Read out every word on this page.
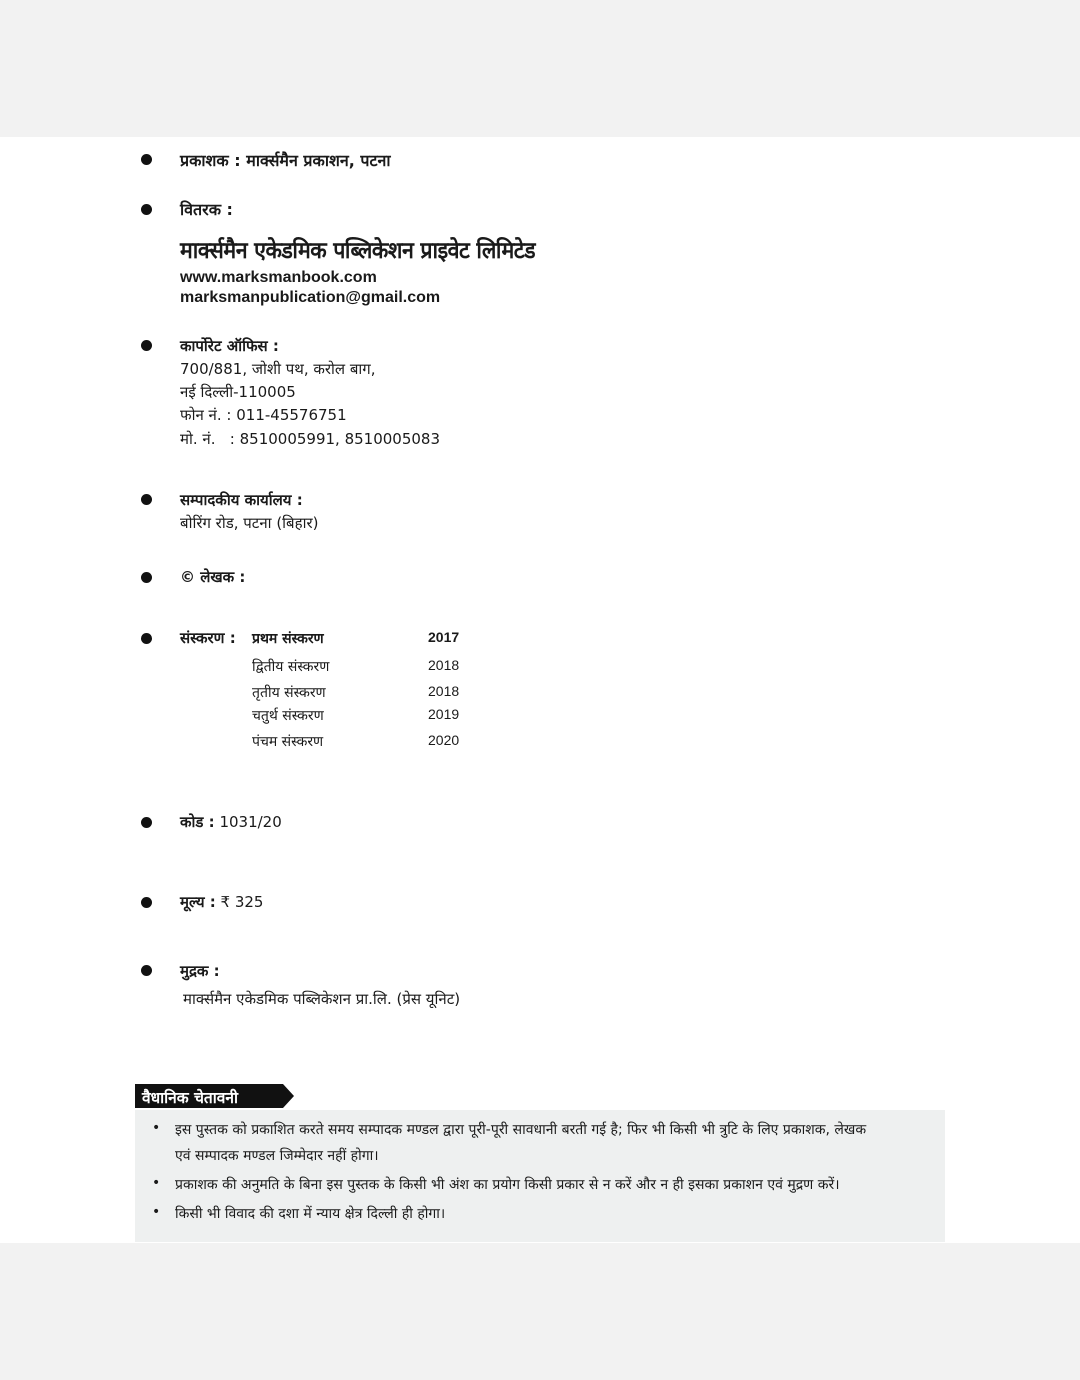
प्रकाशक : मार्क्समैन प्रकाशन, पटना
वितरक :
मार्क्समैन एकेडमिक पब्लिकेशन प्राइवेट लिमिटेड
www.marksmanbook.com
marksmanpublication@gmail.com
कार्पोरेट ऑफिस :
700/881, जोशी पथ, करोल बाग,
नई दिल्ली-110005
फोन नं. : 011-45576751
मो. नं.   : 8510005991, 8510005083
सम्पादकीय कार्यालय :
बोरिंग रोड, पटना (बिहार)
© लेखक :
संस्करण : प्रथम संस्करण	2017
द्वितीय संस्करण	2018
तृतीय संस्करण	2018
चतुर्थ संस्करण	2019
पंचम संस्करण	2020
कोड : 1031/20
मूल्य : ₹ 325
मुद्रक :
मार्क्समैन एकेडमिक पब्लिकेशन प्रा.लि. (प्रेस यूनिट)
वैधानिक चेतावनी
• इस पुस्तक को प्रकाशित करते समय सम्पादक मण्डल द्वारा पूरी-पूरी सावधानी बरती गई है; फिर भी किसी भी त्रुटि के लिए प्रकाशक, लेखक
एवं सम्पादक मण्डल जिम्मेदार नहीं होगा।
• प्रकाशक की अनुमति के बिना इस पुस्तक के किसी भी अंश का प्रयोग किसी प्रकार से न करें और न ही इसका प्रकाशन एवं मुद्रण करें।
• किसी भी विवाद की दशा में न्याय क्षेत्र दिल्ली ही होगा।
